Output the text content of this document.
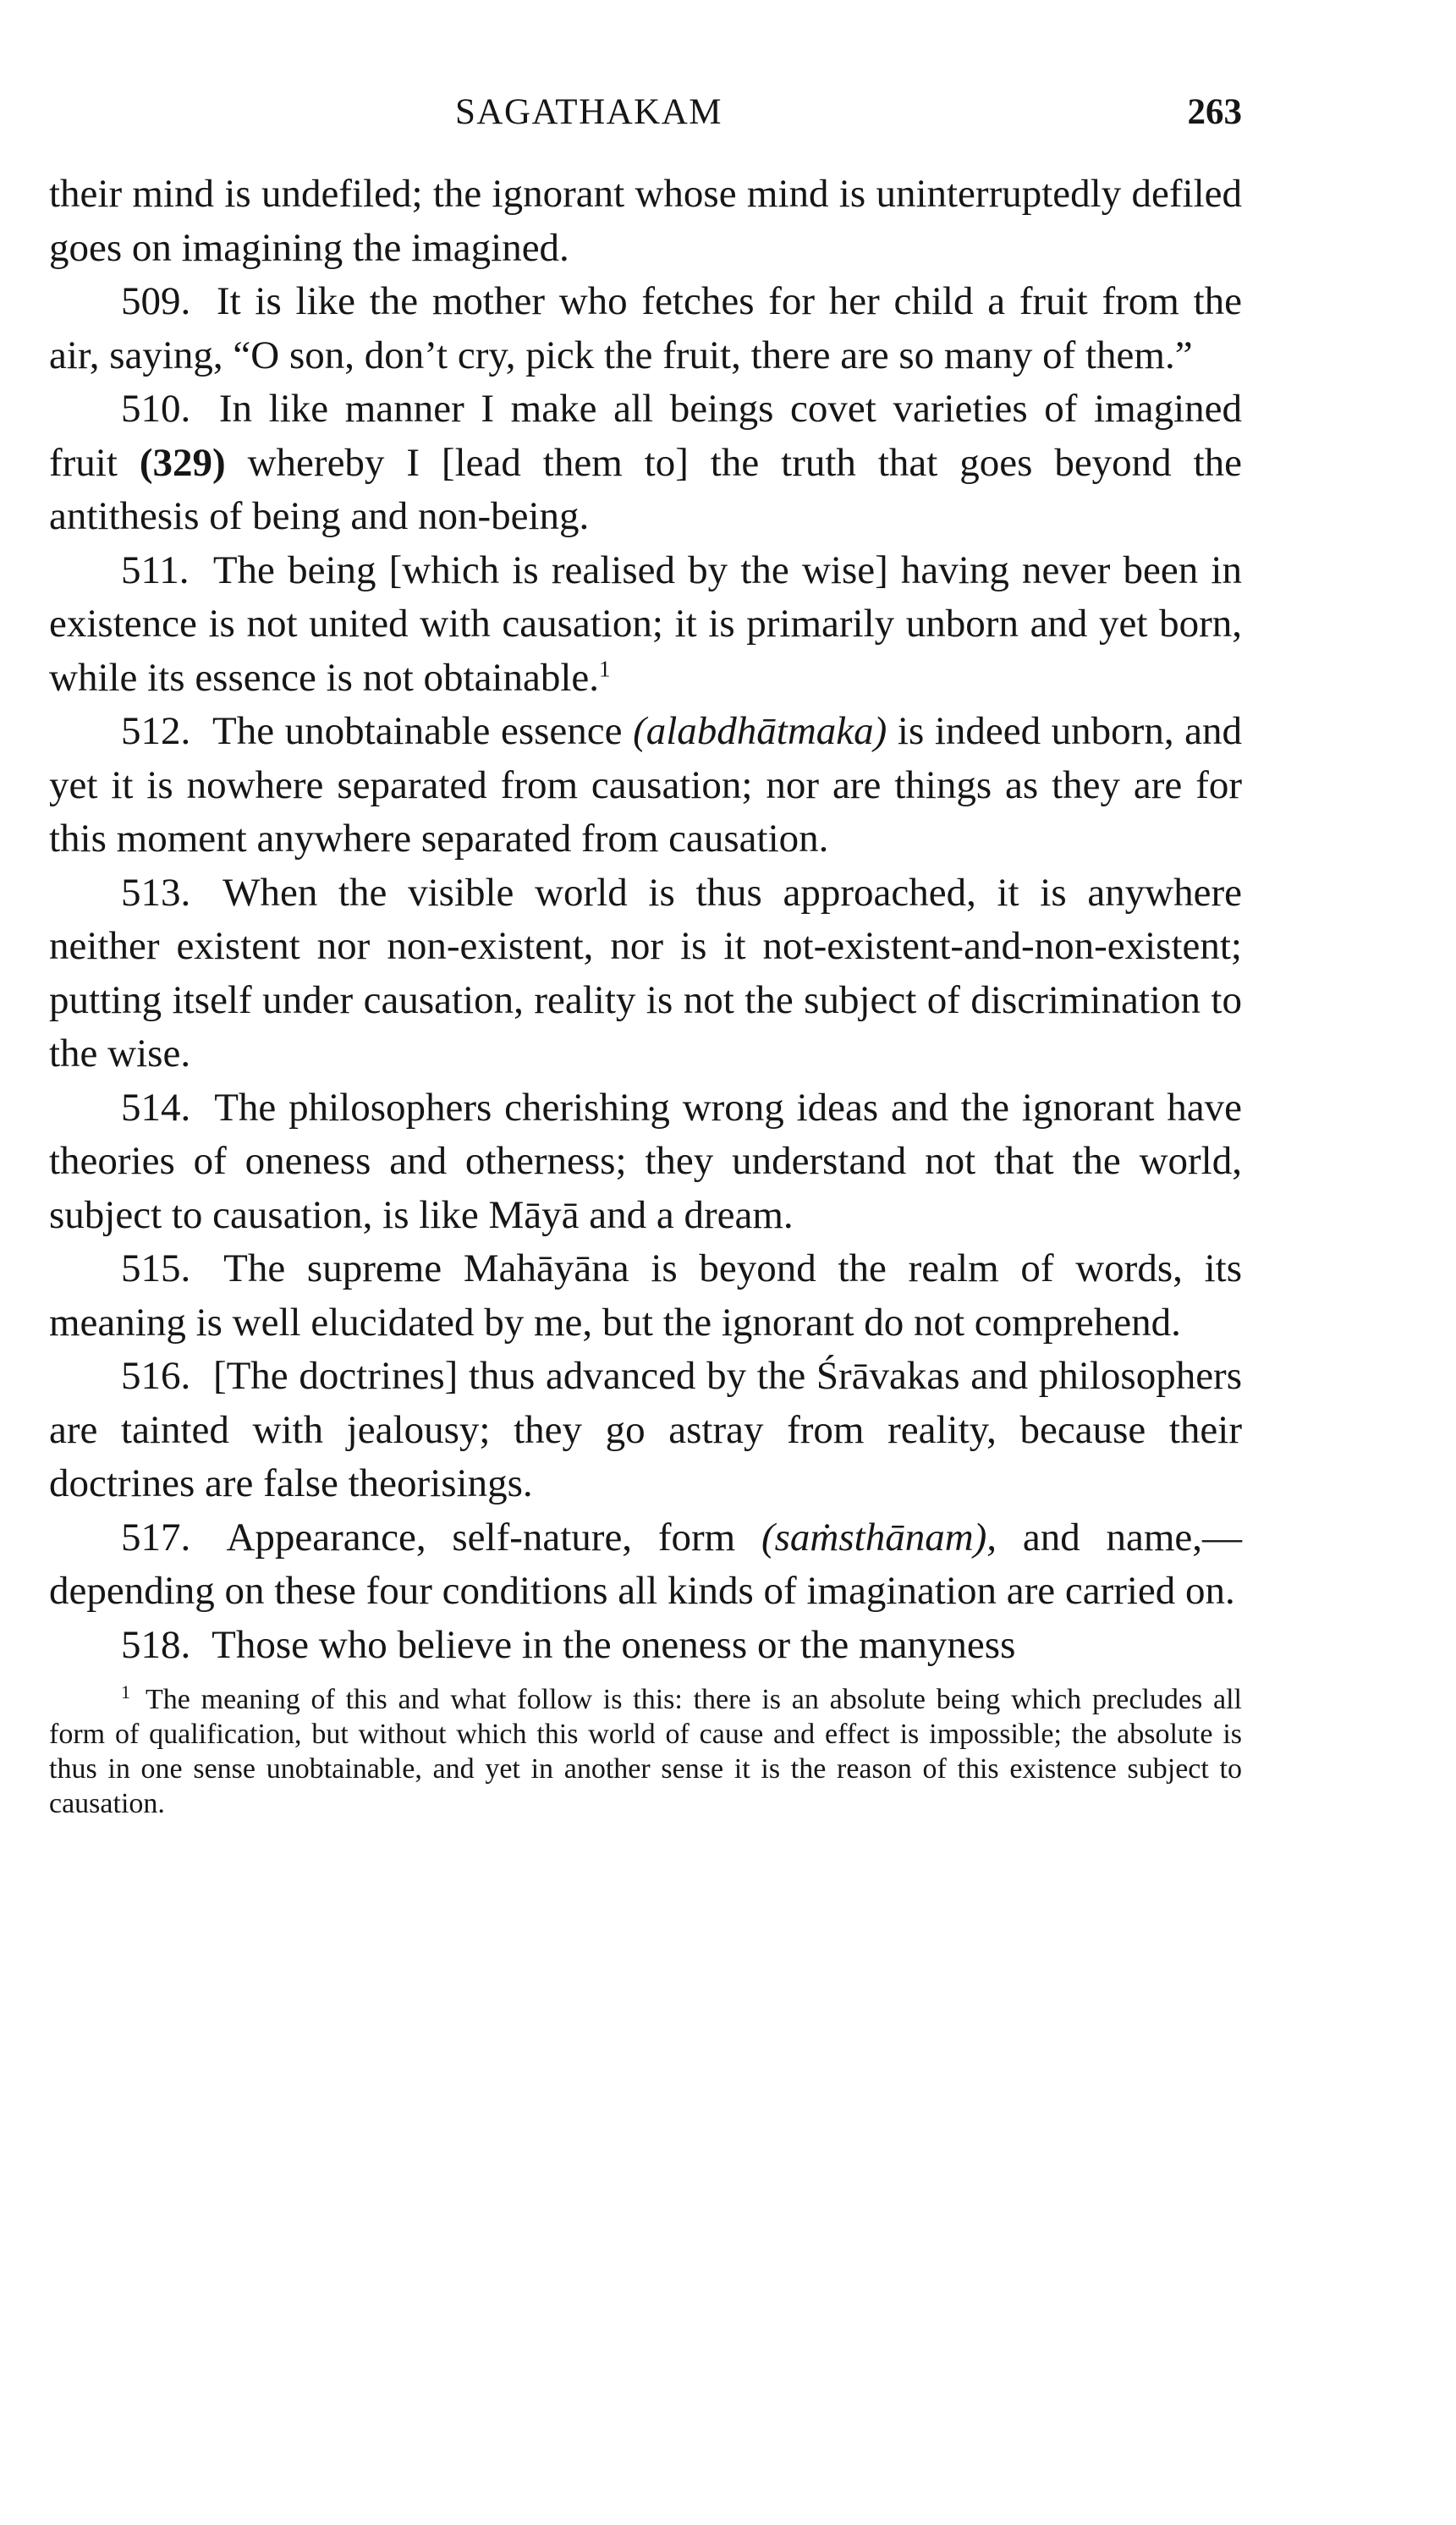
SAGATHAKAM	263

their mind is undefiled; the ignorant whose mind is uninterruptedly defiled goes on imagining the imagined.

509. It is like the mother who fetches for her child a fruit from the air, saying, “O son, don’t cry, pick the fruit, there are so many of them.”

510. In like manner I make all beings covet varieties of imagined fruit (329) whereby I [lead them to] the truth that goes beyond the antithesis of being and non-being.

511. The being [which is realised by the wise] having never been in existence is not united with causation; it is primarily unborn and yet born, while its essence is not obtainable.$^1$

512. The unobtainable essence (alabdhātmaka) is indeed unborn, and yet it is nowhere separated from causation; nor are things as they are for this moment anywhere separated from causation.

513. When the visible world is thus approached, it is anywhere neither existent nor non-existent, nor is it not-existent-and-non-existent; putting itself under causation, reality is not the subject of discrimination to the wise.

514. The philosophers cherishing wrong ideas and the ignorant have theories of oneness and otherness; they understand not that the world, subject to causation, is like Māyā and a dream.

515. The supreme Mahāyāna is beyond the realm of words, its meaning is well elucidated by me, but the ignorant do not comprehend.

516. [The doctrines] thus advanced by the Śrāvakas and philosophers are tainted with jealousy; they go astray from reality, because their doctrines are false theorisings.

517. Appearance, self-nature, form (saṁsthānam), and name,—depending on these four conditions all kinds of imagination are carried on.

518. Those who believe in the oneness or the manyness

$^1$ The meaning of this and what follow is this: there is an absolute being which precludes all form of qualification, but without which this world of cause and effect is impossible; the absolute is thus in one sense unobtainable, and yet in another sense it is the reason of this existence subject to causation.
